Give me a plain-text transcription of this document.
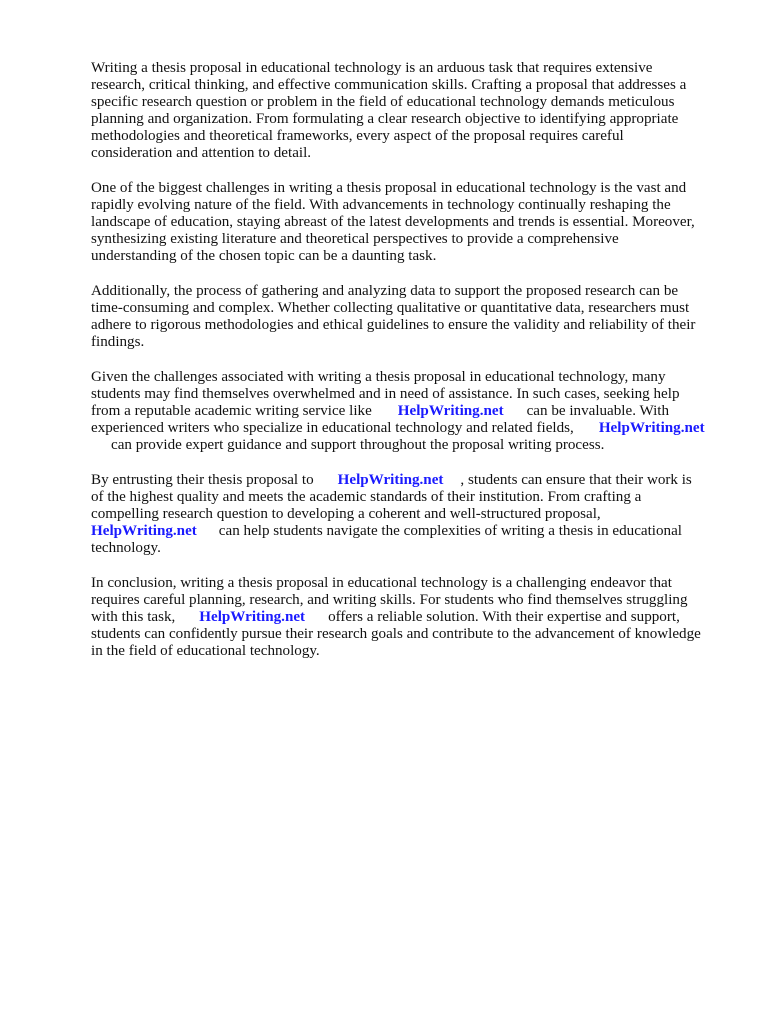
Writing a thesis proposal in educational technology is an arduous task that requires extensive
research, critical thinking, and effective communication skills. Crafting a proposal that addresses a
specific research question or problem in the field of educational technology demands meticulous
planning and organization. From formulating a clear research objective to identifying appropriate
methodologies and theoretical frameworks, every aspect of the proposal requires careful
consideration and attention to detail.

One of the biggest challenges in writing a thesis proposal in educational technology is the vast and
rapidly evolving nature of the field. With advancements in technology continually reshaping the
landscape of education, staying abreast of the latest developments and trends is essential. Moreover,
synthesizing existing literature and theoretical perspectives to provide a comprehensive
understanding of the chosen topic can be a daunting task.

Additionally, the process of gathering and analyzing data to support the proposed research can be
time-consuming and complex. Whether collecting qualitative or quantitative data, researchers must
adhere to rigorous methodologies and ethical guidelines to ensure the validity and reliability of their
findings.

Given the challenges associated with writing a thesis proposal in educational technology, many
students may find themselves overwhelmed and in need of assistance. In such cases, seeking help
from a reputable academic writing service like HelpWriting.net can be invaluable. With
experienced writers who specialize in educational technology and related fields, HelpWriting.net
can provide expert guidance and support throughout the proposal writing process.

By entrusting their thesis proposal to HelpWriting.net , students can ensure that their work is
of the highest quality and meets the academic standards of their institution. From crafting a
compelling research question to developing a coherent and well-structured proposal,
HelpWriting.net can help students navigate the complexities of writing a thesis in educational
technology.

In conclusion, writing a thesis proposal in educational technology is a challenging endeavor that
requires careful planning, research, and writing skills. For students who find themselves struggling
with this task, HelpWriting.net offers a reliable solution. With their expertise and support,
students can confidently pursue their research goals and contribute to the advancement of knowledge
in the field of educational technology.
